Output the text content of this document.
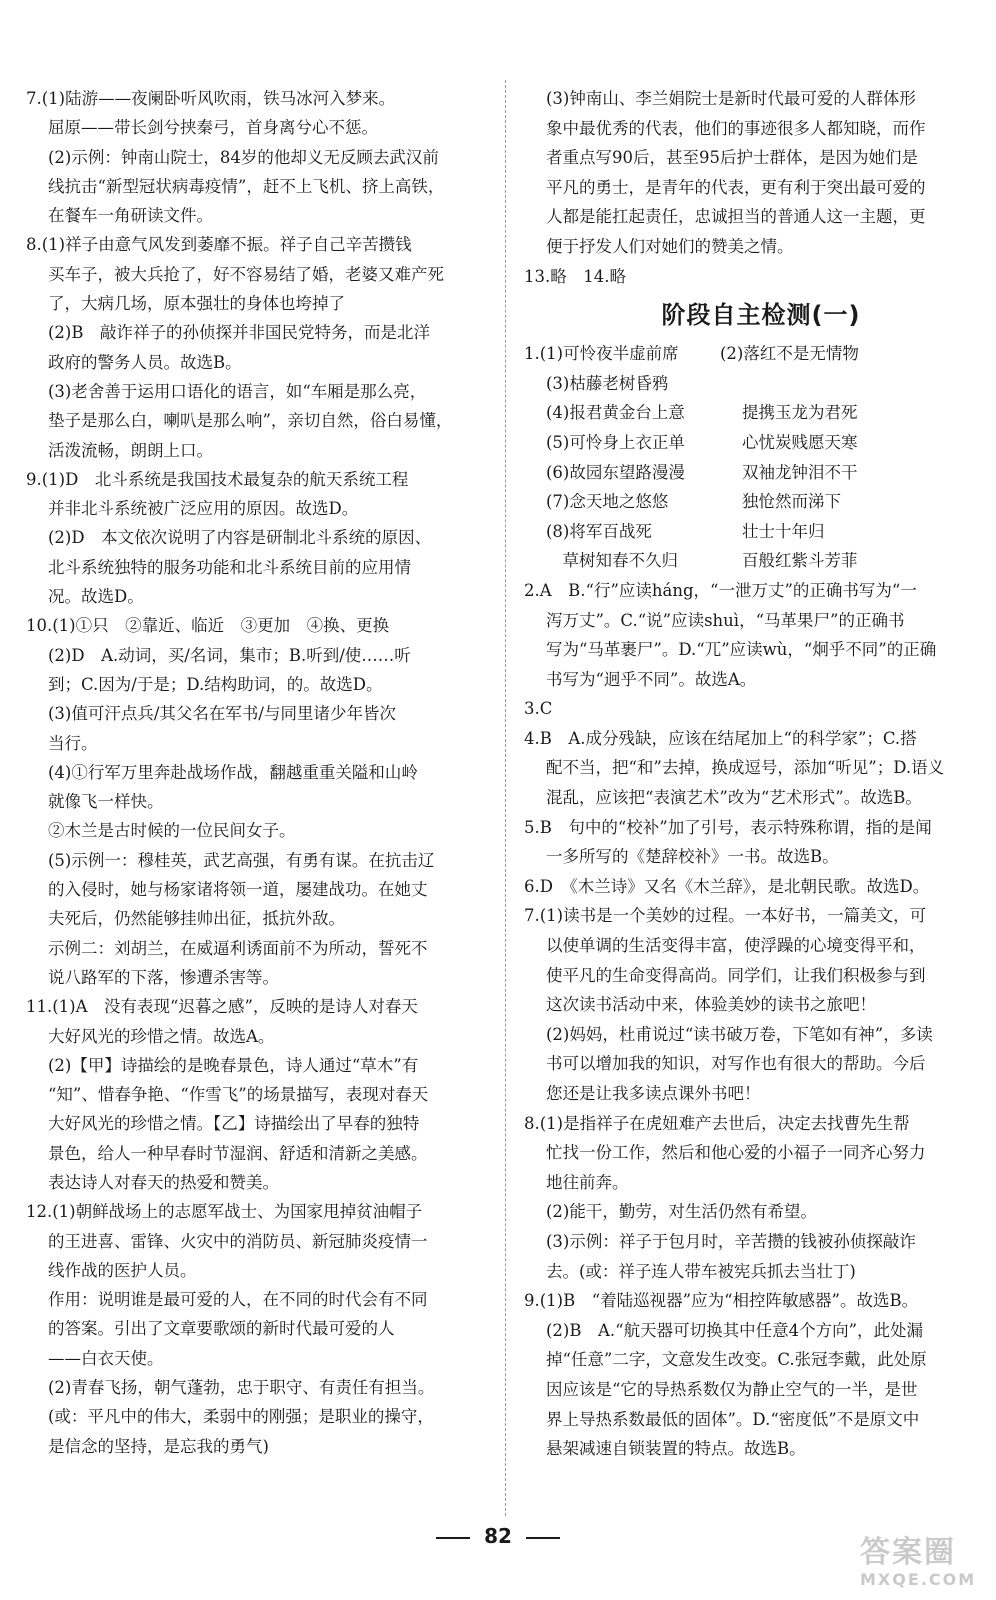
7.(1)陆游——夜阑卧听风吹雨，铁马冰河入梦来。
屈原——带长剑兮挟秦弓，首身离兮心不惩。
(2)示例：钟南山院士，84岁的他却义无反顾去武汉前
线抗击“新型冠状病毒疫情”，赶不上飞机、挤上高铁，
在餐车一角研读文件。
8.(1)祥子由意气风发到萎靡不振。祥子自己辛苦攒钱
买车子，被大兵抢了，好不容易结了婚，老婆又难产死
了，大病几场，原本强壮的身体也垮掉了
(2)B　敲诈祥子的孙侦探并非国民党特务，而是北洋
政府的警务人员。故选B。
(3)老舍善于运用口语化的语言，如“车厢是那么亮，
垫子是那么白，喇叭是那么响”，亲切自然，俗白易懂，
活泼流畅，朗朗上口。
9.(1)D　北斗系统是我国技术最复杂的航天系统工程
并非北斗系统被广泛应用的原因。故选D。
(2)D　本文依次说明了内容是研制北斗系统的原因、
北斗系统独特的服务功能和北斗系统目前的应用情
况。故选D。
10.(1)①只　②靠近、临近　③更加　④换、更换
(2)D　A.动词，买/名词，集市；B.听到/使……听
到；C.因为/于是；D.结构助词，的。故选D。
(3)值可汗点兵/其父名在军书/与同里诸少年皆次
当行。
(4)①行军万里奔赴战场作战，翻越重重关隘和山岭
就像飞一样快。
②木兰是古时候的一位民间女子。
(5)示例一：穆桂英，武艺高强，有勇有谋。在抗击辽
的入侵时，她与杨家诸将领一道，屡建战功。在她丈
夫死后，仍然能够挂帅出征，抵抗外敌。
示例二：刘胡兰，在威逼利诱面前不为所动，誓死不
说八路军的下落，惨遭杀害等。
11.(1)A　没有表现“迟暮之感”，反映的是诗人对春天
大好风光的珍惜之情。故选A。
(2)【甲】诗描绘的是晚春景色，诗人通过“草木”有
“知”、惜春争艳、“作雪飞”的场景描写，表现对春天
大好风光的珍惜之情。【乙】诗描绘出了早春的独特
景色，给人一种早春时节湿润、舒适和清新之美感。
表达诗人对春天的热爱和赞美。
12.(1)朝鲜战场上的志愿军战士、为国家甩掉贫油帽子
的王进喜、雷锋、火灾中的消防员、新冠肺炎疫情一
线作战的医护人员。
作用：说明谁是最可爱的人，在不同的时代会有不同
的答案。引出了文章要歌颂的新时代最可爱的人
——白衣天使。
(2)青春飞扬，朝气蓬勃，忠于职守、有责任有担当。
(或：平凡中的伟大，柔弱中的刚强；是职业的操守，
是信念的坚持，是忘我的勇气)
(3)钟南山、李兰娟院士是新时代最可爱的人群体形
象中最优秀的代表，他们的事迹很多人都知晓，而作
者重点写90后，甚至95后护士群体，是因为她们是
平凡的勇士，是青年的代表，更有利于突出最可爱的
人都是能扛起责任，忠诚担当的普通人这一主题，更
便于抒发人们对她们的赞美之情。
13.略　14.略
阶段自主检测(一)
1.(1)可怜夜半虚前席	(2)落红不是无情物
(3)枯藤老树昏鸦
(4)报君黄金台上意	提携玉龙为君死
(5)可怜身上衣正单	心忧炭贱愿天寒
(6)故园东望路漫漫	双袖龙钟泪不干
(7)念天地之悠悠	独怆然而涕下
(8)将军百战死	壮士十年归
　草树知春不久归	百般红紫斗芳菲
2.A　B.“行”应读háng，“一泄万丈”的正确书写为“一
泻万丈”。C.“说”应读shuì，“马革果尸”的正确书
写为“马革裹尸”。D.“兀”应读wù，“炯乎不同”的正确
书写为“迥乎不同”。故选A。
3.C
4.B　A.成分残缺，应该在结尾加上“的科学家”；C.搭
配不当，把“和”去掉，换成逗号，添加“听见”；D.语义
混乱，应该把“表演艺术”改为“艺术形式”。故选B。
5.B　句中的“校补”加了引号，表示特殊称谓，指的是闻
一多所写的《楚辞校补》一书。故选B。
6.D　《木兰诗》又名《木兰辞》，是北朝民歌。故选D。
7.(1)读书是一个美妙的过程。一本好书，一篇美文，可
以使单调的生活变得丰富，使浮躁的心境变得平和，
使平凡的生命变得高尚。同学们，让我们积极参与到
这次读书活动中来，体验美妙的读书之旅吧！
(2)妈妈，杜甫说过“读书破万卷，下笔如有神”，多读
书可以增加我的知识，对写作也有很大的帮助。今后
您还是让我多读点课外书吧！
8.(1)是指祥子在虎妞难产去世后，决定去找曹先生帮
忙找一份工作，然后和他心爱的小福子一同齐心努力
地往前奔。
(2)能干，勤劳，对生活仍然有希望。
(3)示例：祥子于包月时，辛苦攒的钱被孙侦探敲诈
去。(或：祥子连人带车被宪兵抓去当壮丁)
9.(1)B　“着陆巡视器”应为“相控阵敏感器”。故选B。
(2)B　A.“航天器可切换其中任意4个方向”，此处漏
掉“任意”二字，文意发生改变。C.张冠李戴，此处原
因应该是“它的导热系数仅为静止空气的一半，是世
界上导热系数最低的固体”。D.“密度低”不是原文中
悬架减速自锁装置的特点。故选B。
82	答案圈
MXQE.COM
